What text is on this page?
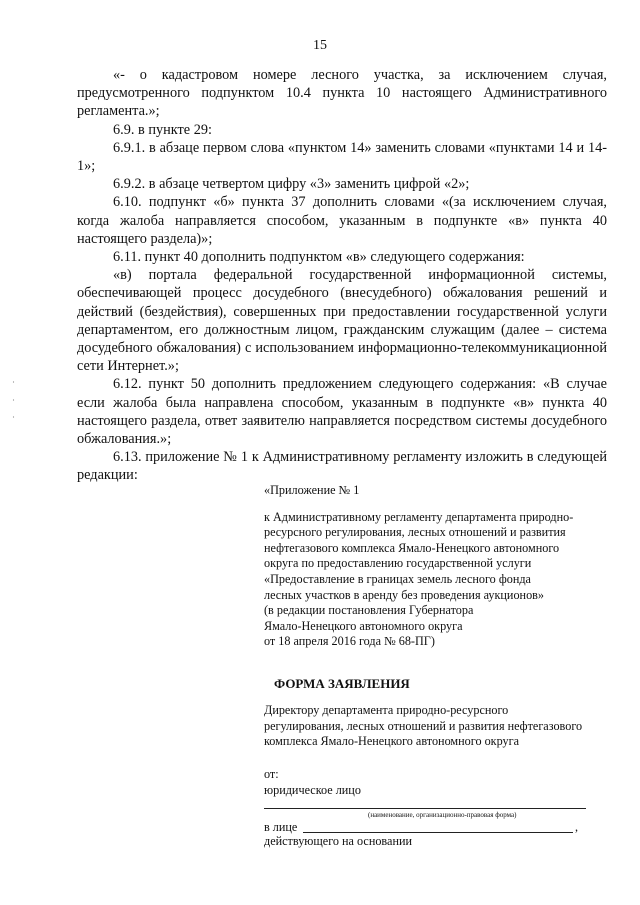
15

«- о кадастровом номере лесного участка, за исключением случая, предусмотренного подпунктом 10.4 пункта 10 настоящего Административного регламента.»;

6.9. в пункте 29:

6.9.1. в абзаце первом слова «пунктом 14» заменить словами «пунктами 14 и 14-1»;

6.9.2. в абзаце четвертом цифру «3» заменить цифрой «2»;

6.10. подпункт «б» пункта 37 дополнить словами «(за исключением случая, когда жалоба направляется способом, указанным в подпункте «в» пункта 40 настоящего раздела)»;

6.11. пункт 40 дополнить подпунктом «в» следующего содержания:

«в) портала федеральной государственной информационной системы, обеспечивающей процесс досудебного (внесудебного) обжалования решений и действий (бездействия), совершенных при предоставлении государственной услуги департаментом, его должностным лицом, гражданским служащим (далее – система досудебного обжалования) с использованием информационно-телекоммуникационной сети Интернет.»;

6.12. пункт 50 дополнить предложением следующего содержания: «В случае если жалоба была направлена способом, указанным в подпункте «в» пункта 40 настоящего раздела, ответ заявителю направляется посредством системы досудебного обжалования.»;

6.13. приложение № 1 к Административному регламенту изложить в следующей редакции:

«Приложение № 1
к Административному регламенту департамента природно-
ресурсного регулирования, лесных отношений и развития
нефтегазового комплекса Ямало-Ненецкого автономного
округа по предоставлению государственной услуги
«Предоставление в границах земель лесного фонда
лесных участков в аренду без проведения аукционов»
(в редакции постановления Губернатора
Ямало-Ненецкого автономного округа
от 18 апреля 2016 года № 68-ПГ)
ФОРМА ЗАЯВЛЕНИЯ
Директору департамента природно-ресурсного
регулирования, лесных отношений и развития нефтегазового
комплекса Ямало-Ненецкого автономного округа
от:
юридическое лицо
(наименование, организационно-правовая форма)
в лице	,
действующего на основании
